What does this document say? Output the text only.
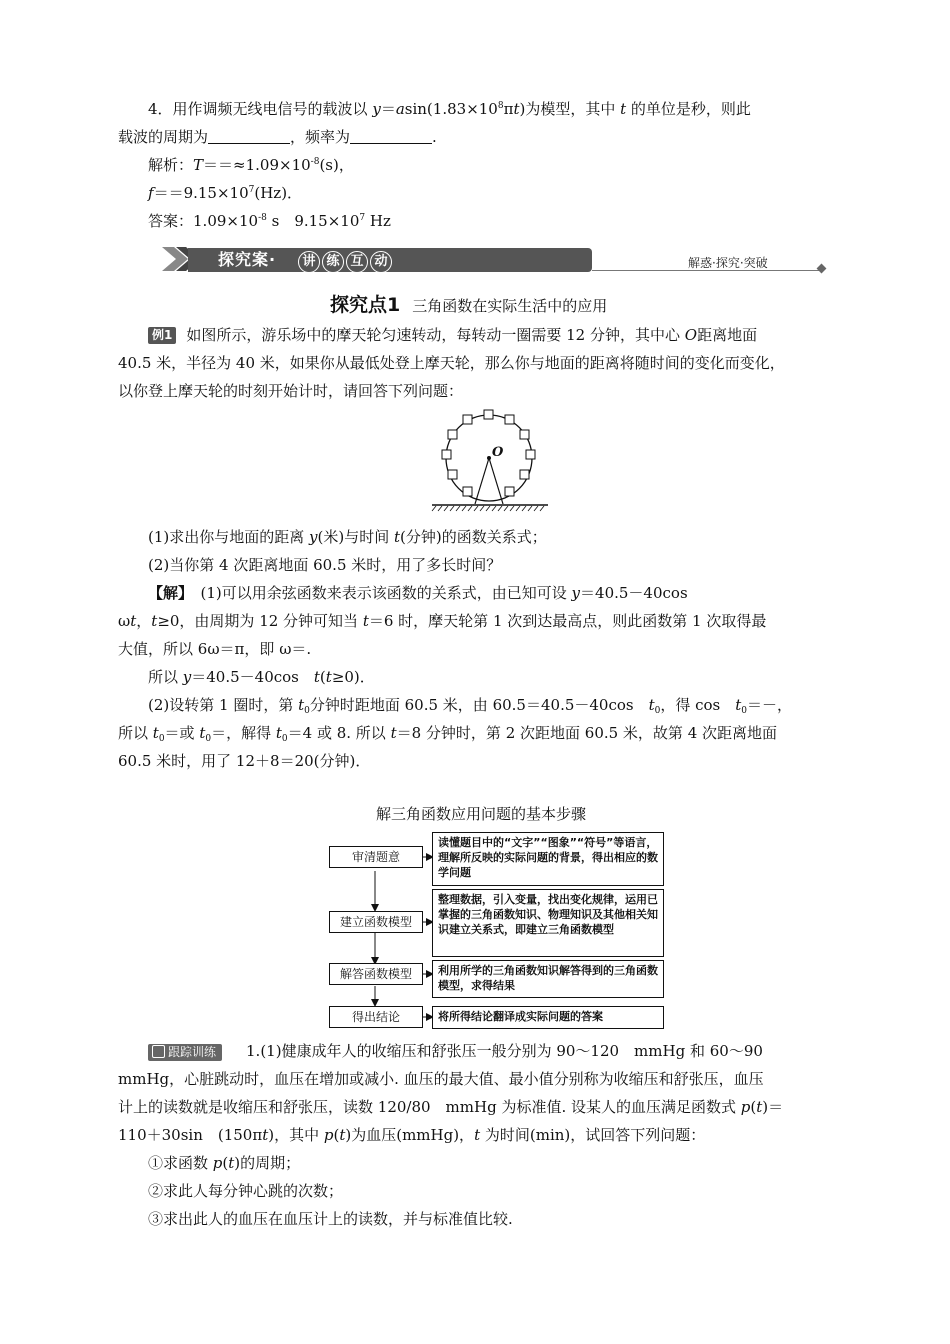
4．用作调频无线电信号的载波以 $y=asin(1.83\times 10^8\pi t)$为模型，其中 t 的单位是秒，则此
载波的周期为	，频率为	.
解析：$T==\approx 1.09\times 10^{-8}(s)$，
$f==9.15\times 10^7(Hz)$．
答案：$1.09\times 10^{-8}$ s　$9.15\times 10^7$ Hz
探究案·	讲 练 互 动	解惑·探究·突破
探究点1 三角函数在实际生活中的应用
例1 如图所示，游乐场中的摩天轮匀速转动，每转动一圈需要 12 分钟，其中心 O距离地面
40.5 米，半径为 40 米，如果你从最低处登上摩天轮，那么你与地面的距离将随时间的变化而变化，
以你登上摩天轮的时刻开始计时，请回答下列问题：
O
(1)求出你与地面的距离 y(米)与时间 t(分钟)的函数关系式；
(2)当你第 4 次距离地面 60.5 米时，用了多长时间？
【解】　(1)可以用余弦函数来表示该函数的关系式，由已知可设 y＝40.5－40cos
ωt，t≥0，由周期为 12 分钟可知当 t＝6 时，摩天轮第 1 次到达最高点，则此函数第 1 次取得最
大值，所以 6ω＝π，即 ω＝.
所以 y＝40.5－40cos　t(t≥0)．
(2)设转第 1 圈时，第 $t_0$分钟时距地面 60.5 米，由 60.5＝40.5－40cos　$t_0$，得 cos　$t_0=-$，
所以 $t_0=$或 $t_0=$，解得 $t_0=4$ 或 8. 所以 t＝8 分钟时，第 2 次距地面 60.5 米，故第 4 次距离地面
60.5 米时，用了 12＋8＝20(分钟)．
解三角函数应用问题的基本步骤
审清题意
读懂题目中的“文字”“图象”“符号”等语言，理解所反映的实际问题的背景，得出相应的数学问题
建立函数模型
整理数据，引入变量，找出变化规律，运用已掌握的三角函数知识、物理知识及其他相关知识建立关系式，即建立三角函数模型
解答函数模型	利用所学的三角函数知识解答得到的三角函数模型，求得结果
得出结论	将所得结论翻译成实际问题的答案
跟踪训练 1.(1)健康成年人的收缩压和舒张压一般分别为 90～120　mmHg 和 60～90
mmHg，心脏跳动时，血压在增加或减小. 血压的最大值、最小值分别称为收缩压和舒张压，血压
计上的读数就是收缩压和舒张压，读数 120/80　mmHg 为标准值. 设某人的血压满足函数式 p(t)＝
110＋30sin　(150πt)，其中 p(t)为血压(mmHg)，t 为时间(min)，试回答下列问题：
①求函数 p(t)的周期；
②求此人每分钟心跳的次数；
③求出此人的血压在血压计上的读数，并与标准值比较.
